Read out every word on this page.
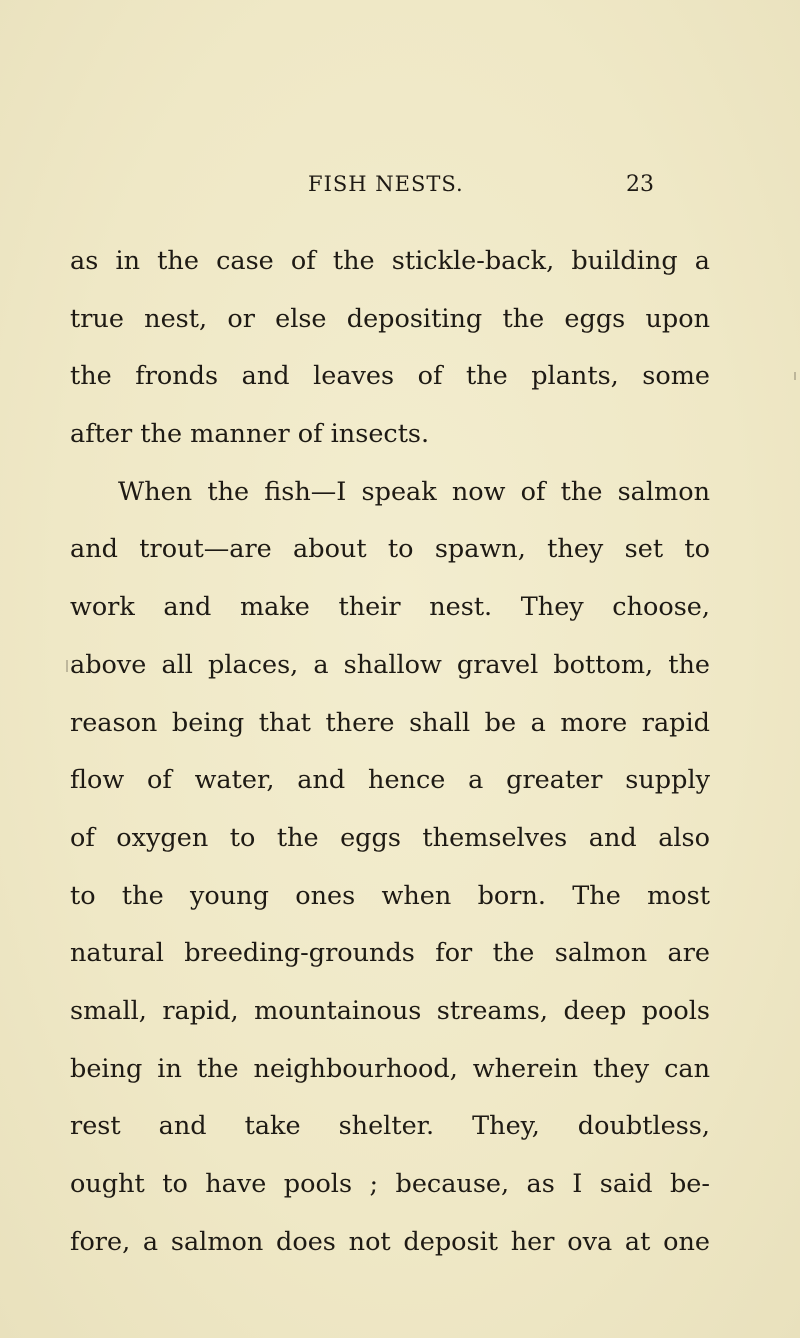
FISH NESTS.	23
as in the case of the stickle-back, building a
true nest, or else depositing the eggs upon
the fronds and leaves of the plants, some
after the manner of insects.
When the fish—I speak now of the salmon
and trout—are about to spawn, they set to
work and make their nest. They choose,
above all places, a shallow gravel bottom, the
reason being that there shall be a more rapid
flow of water, and hence a greater supply
of oxygen to the eggs themselves and also
to the young ones when born. The most
natural breeding-grounds for the salmon are
small, rapid, mountainous streams, deep pools
being in the neighbourhood, wherein they can
rest and take shelter. They, doubtless,
ought to have pools ; because, as I said be-
fore, a salmon does not deposit her ova at one
